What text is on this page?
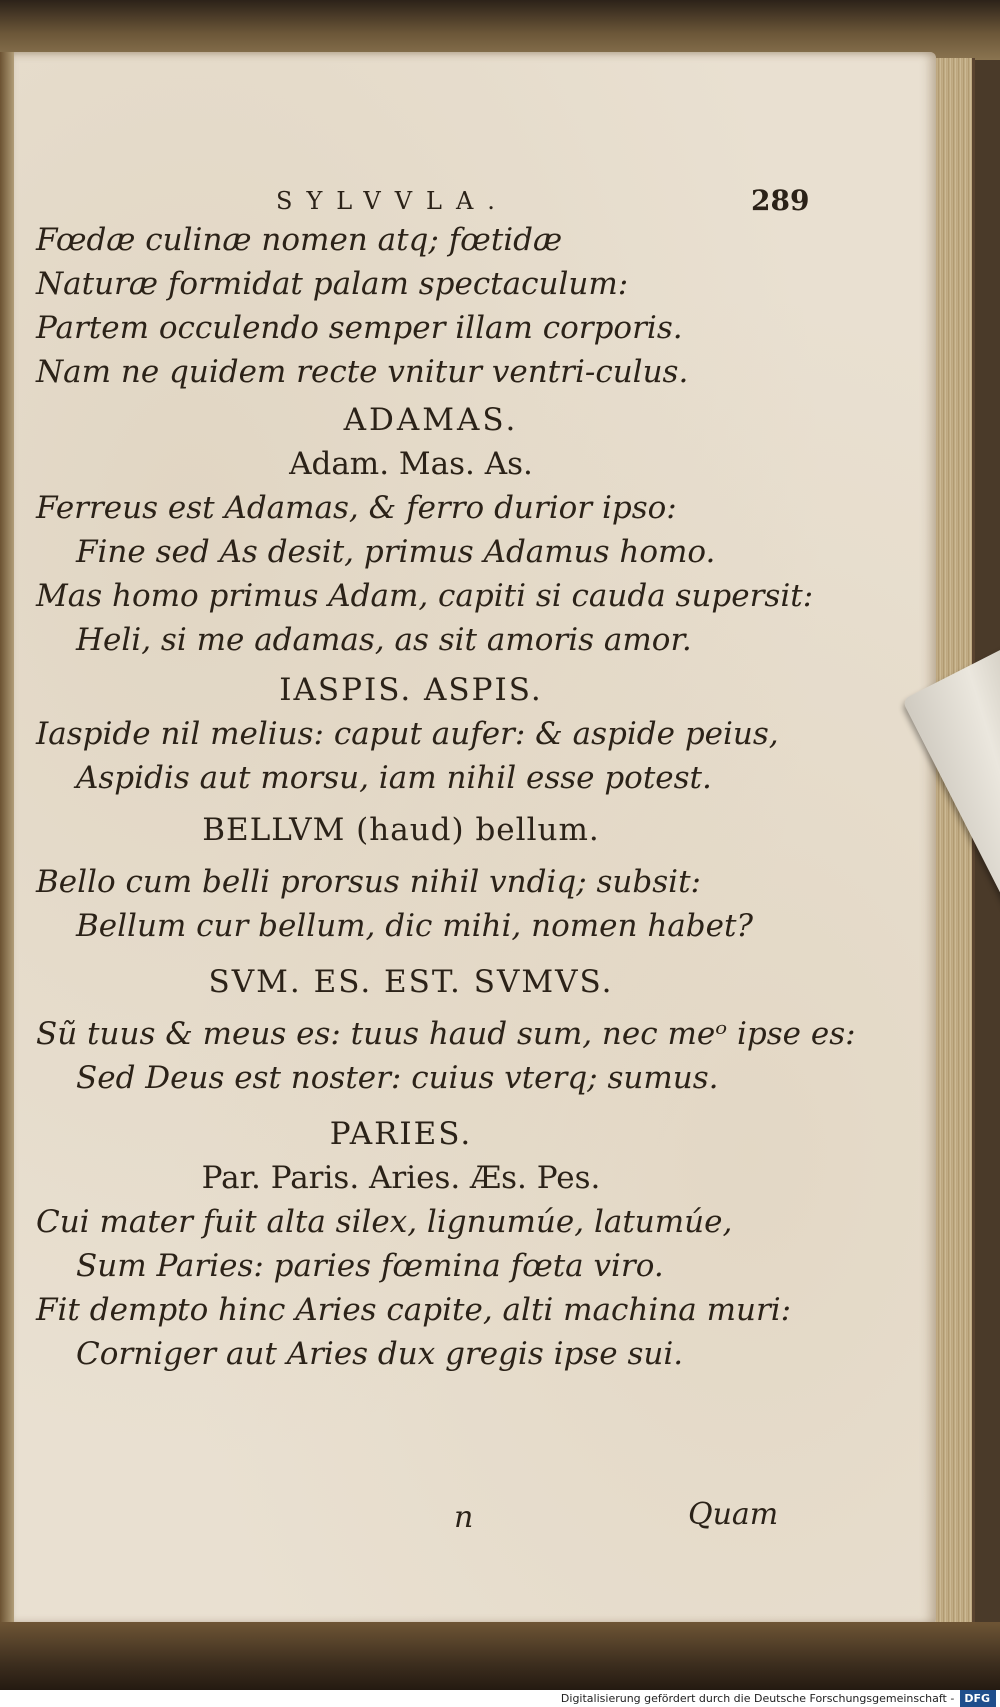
SYLVVLA.	289
Fœdæ culinæ nomen atq; fœtidæ
Naturæ formidat palam spectaculum:
Partem occulendo semper illam corporis.
Nam ne quidem recte vnitur ventri-culus.
ADAMAS.
Adam. Mas. As.
Ferreus est Adamas, & ferro durior ipso:
Fine sed As desit, primus Adamus homo.
Mas homo primus Adam, capiti si cauda supersit:
Heli, si me adamas, as sit amoris amor.
IASPIS. ASPIS.
Iaspide nil melius: caput aufer: & aspide peius,
Aspidis aut morsu, iam nihil esse potest.
BELLVM (haud) bellum.
Bello cum belli prorsus nihil vndiq; subsit:
Bellum cur bellum, dic mihi, nomen habet?
SVM. ES. EST. SVMVS.
Sũ tuus & meus es: tuus haud sum, nec meᵒ ipse es:
Sed Deus est noster: cuius vterq; sumus.
PARIES.
Par. Paris. Aries. Æs. Pes.
Cui mater fuit alta silex, lignumúe, latumúe,
Sum Paries: paries fœmina fœta viro.
Fit dempto hinc Aries capite, alti machina muri:
Corniger aut Aries dux gregis ipse sui.
n	Quam
Digitalisierung gefördert durch die Deutsche Forschungsgemeinschaft - DFG
